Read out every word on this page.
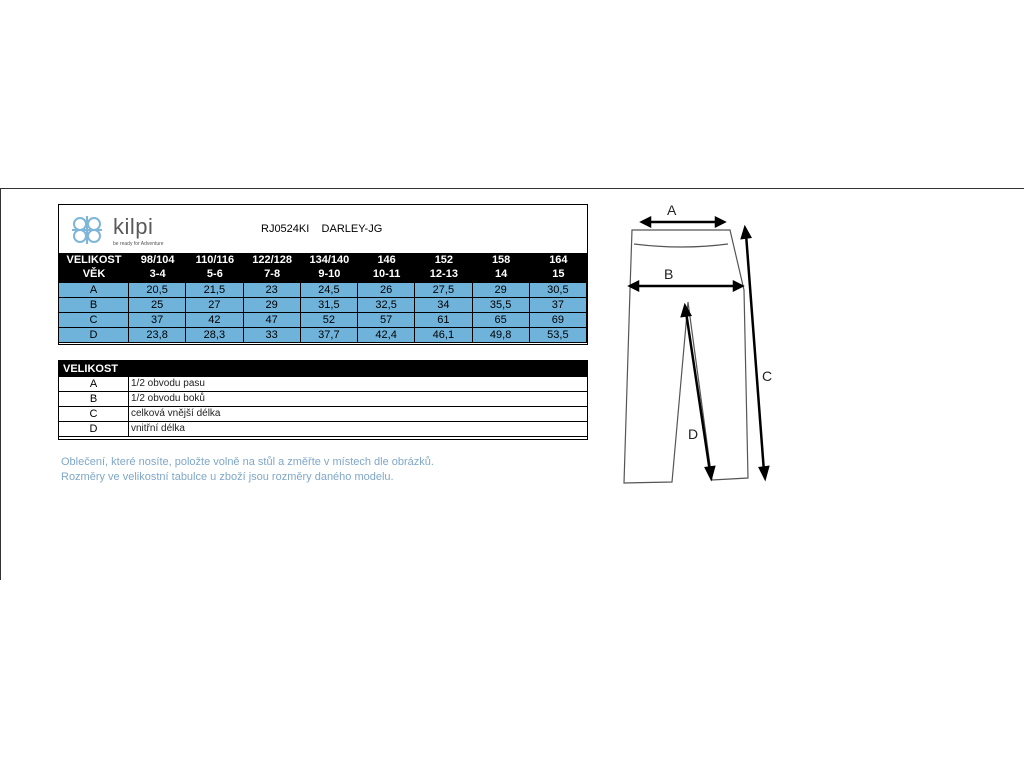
kilpi
be ready for Adventure
RJ0524KI DARLEY-JG
VELIKOST	98/104	110/116	122/128	134/140	146	152	158	164
VĚK	3-4	5-6	7-8	9-10	10-11	12-13	14	15
A	20,5	21,5	23	24,5	26	27,5	29	30,5
B	25	27	29	31,5	32,5	34	35,5	37
C	37	42	47	52	57	61	65	69
D	23,8	28,3	33	37,7	42,4	46,1	49,8	53,5
VELIKOST
A	1/2 obvodu pasu
B	1/2 obvodu boků
C	celková vnější délka
D	vnitřní délka
Oblečení, které nosíte, položte volně na stůl a změřte v místech dle obrázků.
Rozměry ve velikostní tabulce u zboží jsou rozměry daného modelu.
A
B
C
D
